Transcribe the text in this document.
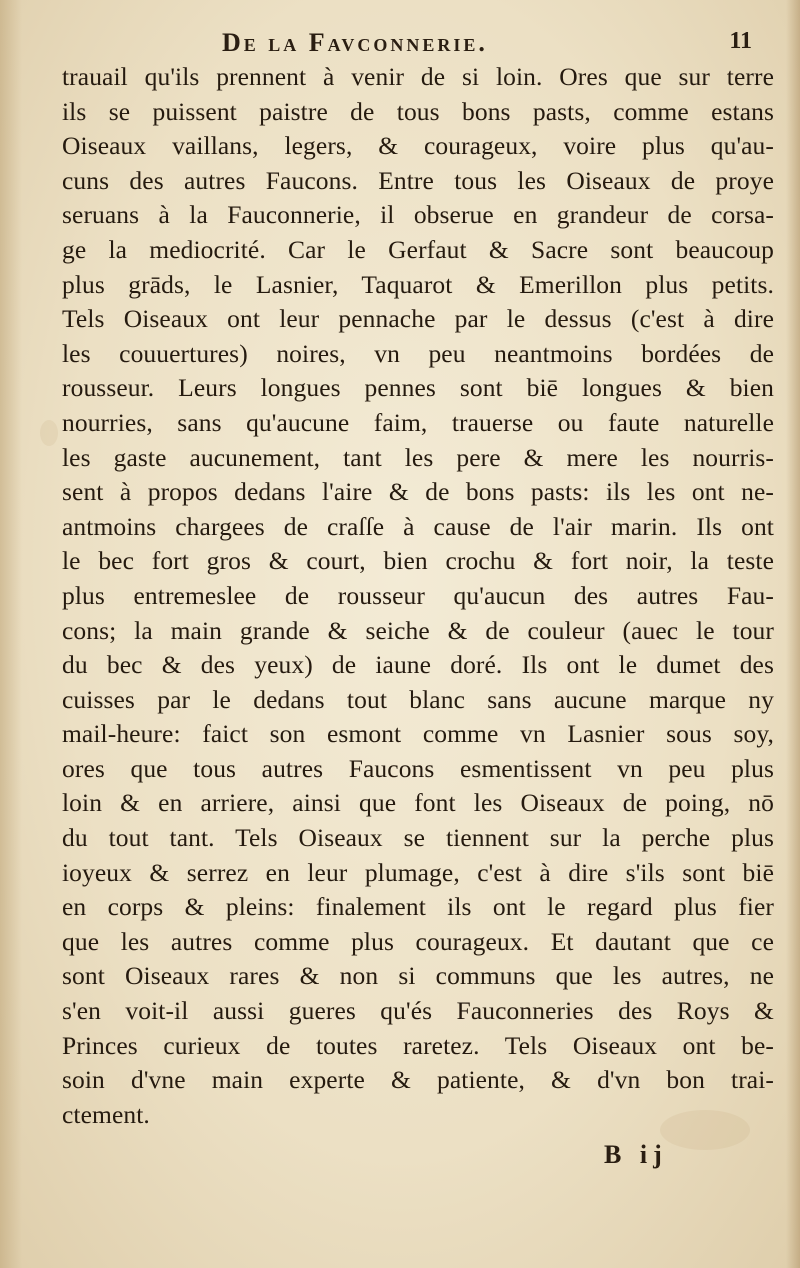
De la Favconnerie.	11
trauail qu'ils prennent à venir de si loin. Ores que sur terre
ils se puissent paistre de tous bons pasts, comme estans
Oiseaux vaillans, legers, & courageux, voire plus qu'au-
cuns des autres Faucons. Entre tous les Oiseaux de proye
seruans à la Fauconnerie, il obserue en grandeur de corsa-
ge la mediocrité. Car le Gerfaut & Sacre sont beaucoup
plus grāds, le Lasnier, Taquarot & Emerillon plus petits.
Tels Oiseaux ont leur pennache par le dessus (c'est à dire
les couuertures) noires, vn peu neantmoins bordées de
rousseur. Leurs longues pennes sont biē longues & bien
nourries, sans qu'aucune faim, trauerse ou faute naturelle
les gaste aucunement, tant les pere & mere les nourris-
sent à propos dedans l'aire & de bons pasts: ils les ont ne-
antmoins chargees de craſſe à cause de l'air marin. Ils ont
le bec fort gros & court, bien crochu & fort noir, la teste
plus entremeslee de rousseur qu'aucun des autres Fau-
cons; la main grande & seiche & de couleur (auec le tour
du bec & des yeux) de iaune doré. Ils ont le dumet des
cuisses par le dedans tout blanc sans aucune marque ny
mail-heure: faict son esmont comme vn Lasnier sous soy,
ores que tous autres Faucons esmentissent vn peu plus
loin & en arriere, ainsi que font les Oiseaux de poing, nō
du tout tant. Tels Oiseaux se tiennent sur la perche plus
ioyeux & serrez en leur plumage, c'est à dire s'ils sont biē
en corps & pleins: finalement ils ont le regard plus fier
que les autres comme plus courageux. Et dautant que ce
sont Oiseaux rares & non si communs que les autres, ne
s'en voit-il aussi gueres qu'és Fauconneries des Roys &
Princes curieux de toutes raretez. Tels Oiseaux ont be-
soin d'vne main experte & patiente, & d'vn bon trai-
ctement.
B ij
